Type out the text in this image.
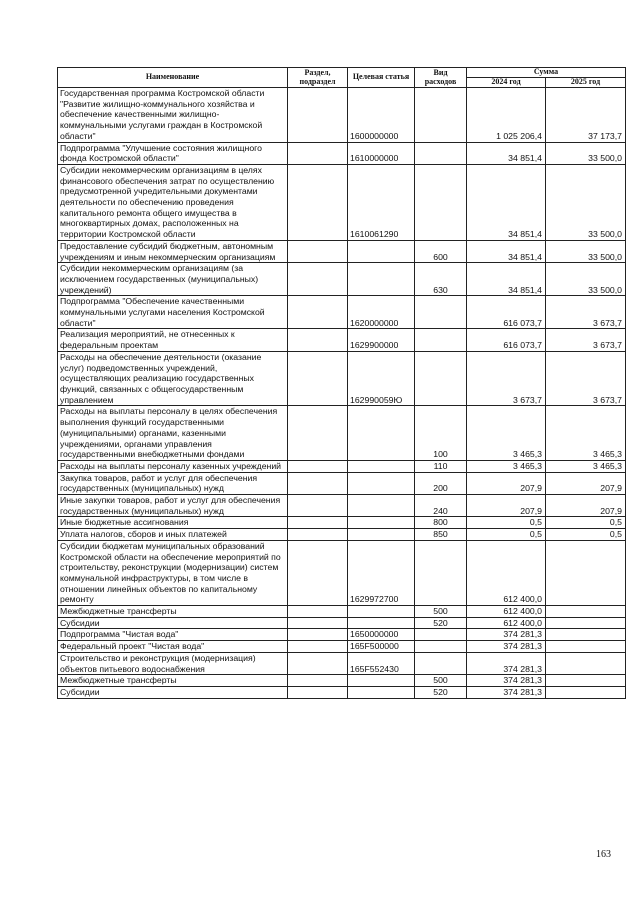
Наименование	Раздел, подраздел	Целевая статья	Вид расходов	Сумма	
				2024 год	2025 год
Государственная программа Костромской области "Развитие жилищно-коммунального хозяйства и обеспечение качественными жилищно-коммунальными услугами граждан в Костромской области"		1600000000		1 025 206,4	37 173,7
Подпрограмма "Улучшение состояния жилищного фонда Костромской области"		1610000000		34 851,4	33 500,0
Субсидии некоммерческим организациям в целях финансового обеспечения затрат по осуществлению предусмотренной учредительными документами деятельности по обеспечению проведения капитального ремонта общего имущества в многоквартирных домах, расположенных на территории Костромской области		1610061290		34 851,4	33 500,0
Предоставление субсидий бюджетным, автономным учреждениям и иным некоммерческим организациям			600	34 851,4	33 500,0
Субсидии некоммерческим организациям (за исключением государственных (муниципальных) учреждений)			630	34 851,4	33 500,0
Подпрограмма "Обеспечение качественными коммунальными услугами населения Костромской области"		1620000000		616 073,7	3 673,7
Реализация мероприятий, не отнесенных к федеральным проектам		1629900000		616 073,7	3 673,7
Расходы на обеспечение деятельности (оказание услуг) подведомственных учреждений, осуществляющих реализацию государственных функций, связанных с общегосударственным управлением		162990059Ю		3 673,7	3 673,7
Расходы на выплаты персоналу в целях обеспечения выполнения функций государственными (муниципальными) органами, казенными учреждениями, органами управления государственными внебюджетными фондами			100	3 465,3	3 465,3
Расходы на выплаты персоналу казенных учреждений			110	3 465,3	3 465,3
Закупка товаров, работ и услуг для обеспечения государственных (муниципальных) нужд			200	207,9	207,9
Иные закупки товаров, работ и услуг для обеспечения государственных (муниципальных) нужд			240	207,9	207,9
Иные бюджетные ассигнования			800	0,5	0,5
Уплата налогов, сборов и иных платежей			850	0,5	0,5
Субсидии бюджетам муниципальных образований Костромской области на обеспечение мероприятий по строительству, реконструкции (модернизации) систем коммунальной инфраструктуры, в том числе в отношении линейных объектов по капитальному ремонту		1629972700		612 400,0	
Межбюджетные трансферты			500	612 400,0	
Субсидии			520	612 400,0	
Подпрограмма "Чистая вода"		1650000000		374 281,3	
Федеральный проект "Чистая вода"		165F500000		374 281,3	
Строительство и реконструкция (модернизация) объектов питьевого водоснабжения		165F552430		374 281,3	
Межбюджетные трансферты			500	374 281,3	
Субсидии			520	374 281,3	
163
